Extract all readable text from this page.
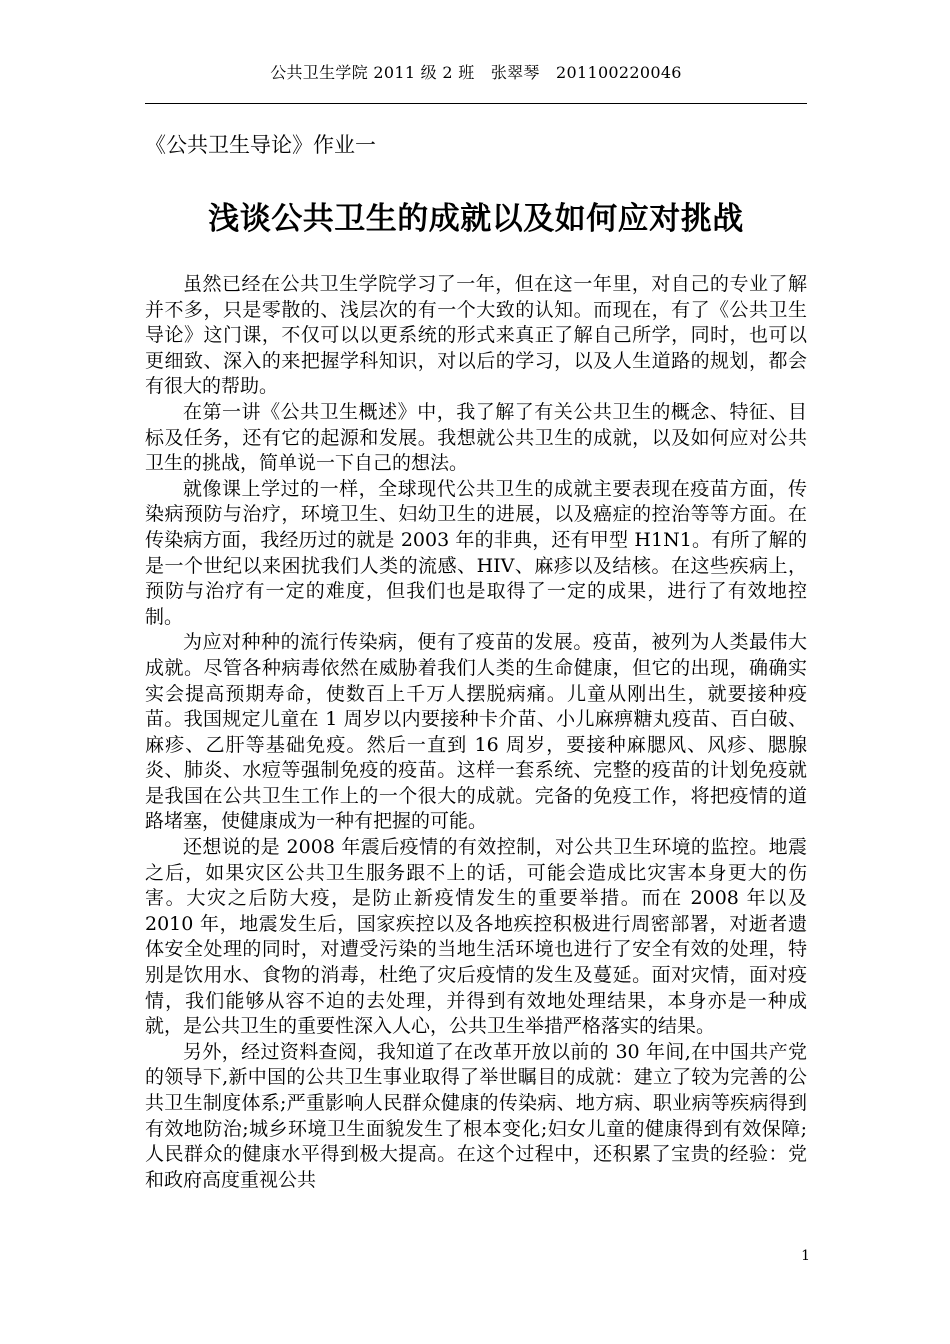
公共卫生学院 2011 级 2 班　张翠琴　201100220046
《公共卫生导论》作业一
浅谈公共卫生的成就以及如何应对挑战

虽然已经在公共卫生学院学习了一年，但在这一年里，对自己的专业了解并不多，只是零散的、浅层次的有一个大致的认知。而现在，有了《公共卫生导论》这门课，不仅可以以更系统的形式来真正了解自己所学，同时，也可以更细致、深入的来把握学科知识，对以后的学习，以及人生道路的规划，都会有很大的帮助。

在第一讲《公共卫生概述》中，我了解了有关公共卫生的概念、特征、目标及任务，还有它的起源和发展。我想就公共卫生的成就，以及如何应对公共卫生的挑战，简单说一下自己的想法。

就像课上学过的一样，全球现代公共卫生的成就主要表现在疫苗方面，传染病预防与治疗，环境卫生、妇幼卫生的进展，以及癌症的控治等等方面。在传染病方面，我经历过的就是 2003 年的非典，还有甲型 H1N1。有所了解的是一个世纪以来困扰我们人类的流感、HIV、麻疹以及结核。在这些疾病上，预防与治疗有一定的难度，但我们也是取得了一定的成果，进行了有效地控制。

为应对种种的流行传染病，便有了疫苗的发展。疫苗，被列为人类最伟大成就。尽管各种病毒依然在威胁着我们人类的生命健康，但它的出现，确确实实会提高预期寿命，使数百上千万人摆脱病痛。儿童从刚出生，就要接种疫苗。我国规定儿童在 1 周岁以内要接种卡介苗、小儿麻痹糖丸疫苗、百白破、麻疹、乙肝等基础免疫。然后一直到 16 周岁，要接种麻腮风、风疹、腮腺炎、肺炎、水痘等强制免疫的疫苗。这样一套系统、完整的疫苗的计划免疫就是我国在公共卫生工作上的一个很大的成就。完备的免疫工作，将把疫情的道路堵塞，使健康成为一种有把握的可能。

还想说的是 2008 年震后疫情的有效控制，对公共卫生环境的监控。地震之后，如果灾区公共卫生服务跟不上的话，可能会造成比灾害本身更大的伤害。大灾之后防大疫，是防止新疫情发生的重要举措。而在 2008 年以及 2010 年，地震发生后，国家疾控以及各地疾控积极进行周密部署，对逝者遗体安全处理的同时，对遭受污染的当地生活环境也进行了安全有效的处理，特别是饮用水、食物的消毒，杜绝了灾后疫情的发生及蔓延。面对灾情，面对疫情，我们能够从容不迫的去处理，并得到有效地处理结果，本身亦是一种成就，是公共卫生的重要性深入人心，公共卫生举措严格落实的结果。

另外，经过资料查阅，我知道了在改革开放以前的 30 年间,在中国共产党的领导下,新中国的公共卫生事业取得了举世瞩目的成就：建立了较为完善的公共卫生制度体系;严重影响人民群众健康的传染病、地方病、职业病等疾病得到有效地防治;城乡环境卫生面貌发生了根本变化;妇女儿童的健康得到有效保障;人民群众的健康水平得到极大提高。在这个过程中，还积累了宝贵的经验：党和政府高度重视公共

1
